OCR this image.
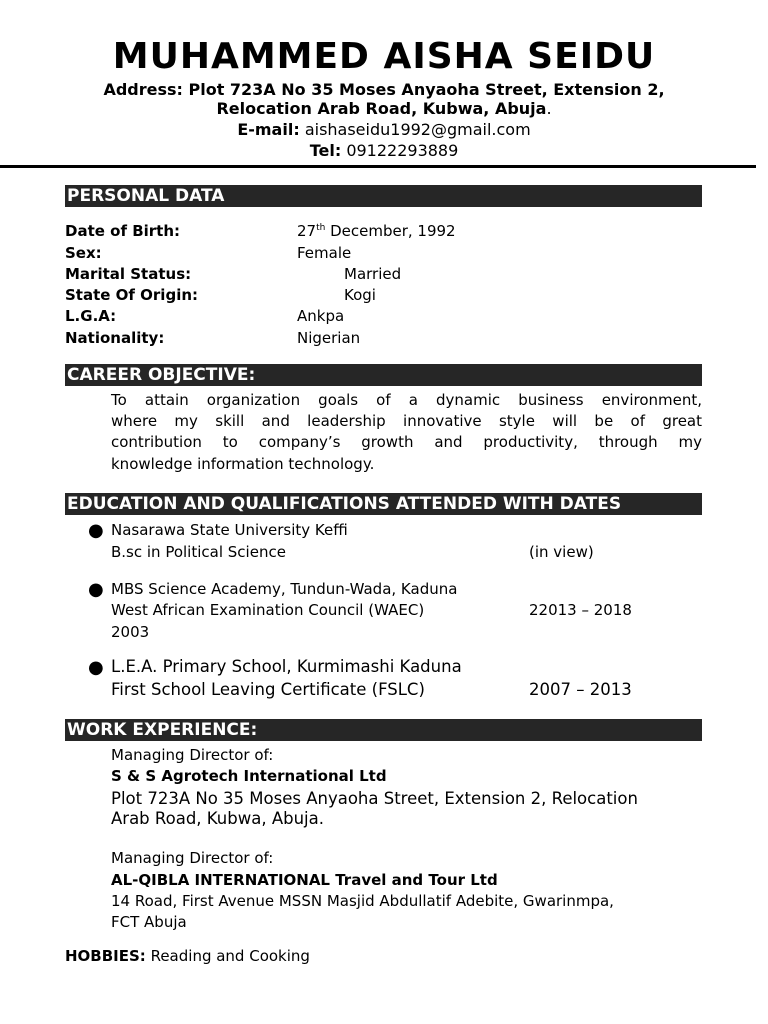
MUHAMMED AISHA SEIDU
Address: Plot 723A No 35 Moses Anyaoha Street, Extension 2,
Relocation Arab Road, Kubwa, Abuja.
E-mail: aishaseidu1992@gmail.com
Tel: 09122293889
PERSONAL DATA
Date of Birth:	27th December, 1992
Sex:	Female
Marital Status:	Married
State Of Origin:	Kogi
L.G.A:	Ankpa
Nationality:	Nigerian
CAREER OBJECTIVE:
To attain organization goals of a dynamic business environment,
where my skill and leadership innovative style will be of great
contribution to company’s growth and productivity, through my
knowledge information technology.
EDUCATION AND QUALIFICATIONS ATTENDED WITH DATES
● Nasarawa State University Keffi
B.sc in Political Science	(in view)
● MBS Science Academy, Tundun-Wada, Kaduna
West African Examination Council (WAEC)	22013 – 2018
2003
● L.E.A. Primary School, Kurmimashi Kaduna
First School Leaving Certificate (FSLC)	2007 – 2013
WORK EXPERIENCE:
Managing Director of:
S & S Agrotech International Ltd
Plot 723A No 35 Moses Anyaoha Street, Extension 2, Relocation
Arab Road, Kubwa, Abuja.
Managing Director of:
AL-QIBLA INTERNATIONAL Travel and Tour Ltd
14 Road, First Avenue MSSN Masjid Abdullatif Adebite, Gwarinmpa,
FCT Abuja
HOBBIES: Reading and Cooking
